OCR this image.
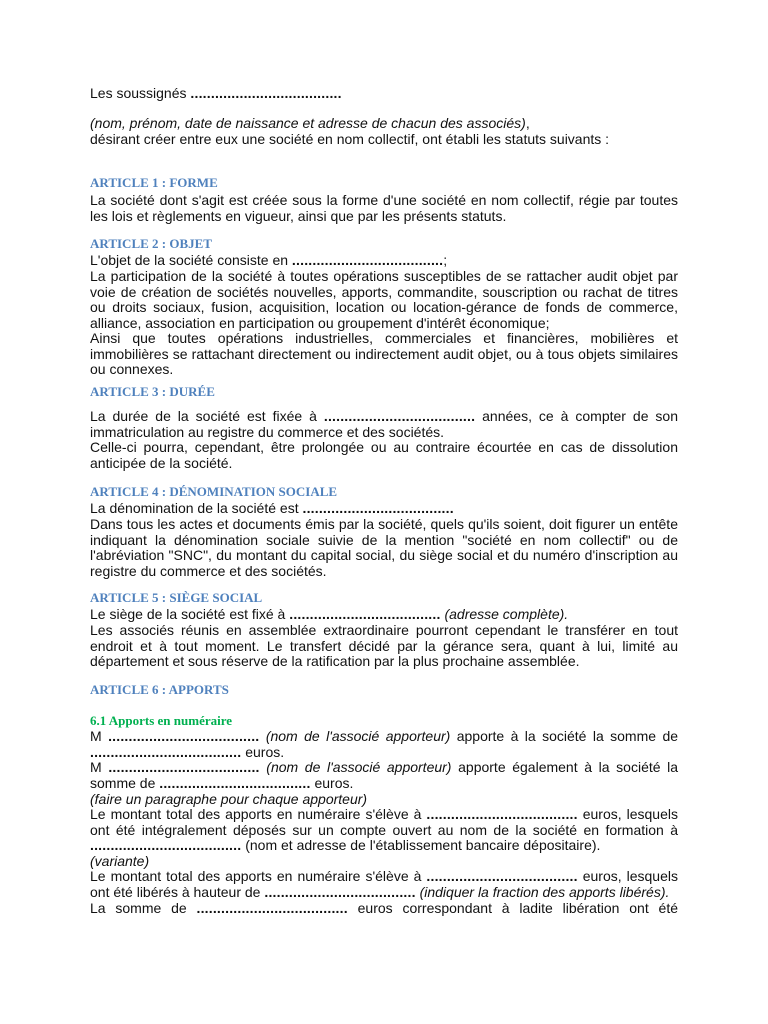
Les soussignés .....................................
(nom, prénom, date de naissance et adresse de chacun des associés),
désirant créer entre eux une société en nom collectif, ont établi les statuts suivants :
ARTICLE 1 : FORME
La société dont s'agit est créée sous la forme d'une société en nom collectif, régie par toutes les lois et règlements en vigueur, ainsi que par les présents statuts.
ARTICLE 2 : OBJET
L'objet de la société consiste en .....................................;
La participation de la société à toutes opérations susceptibles de se rattacher audit objet par voie de création de sociétés nouvelles, apports, commandite, souscription ou rachat de titres ou droits sociaux, fusion, acquisition, location ou location-gérance de fonds de commerce, alliance, association en participation ou groupement d'intérêt économique;
Ainsi que toutes opérations industrielles, commerciales et financières, mobilières et immobilières se rattachant directement ou indirectement audit objet, ou à tous objets similaires ou connexes.
ARTICLE 3 : DURÉE
La durée de la société est fixée à ..................................... années, ce à compter de son immatriculation au registre du commerce et des sociétés.
Celle-ci pourra, cependant, être prolongée ou au contraire écourtée en cas de dissolution anticipée de la société.
ARTICLE 4 : DÉNOMINATION SOCIALE
La dénomination de la société est .....................................
Dans tous les actes et documents émis par la société, quels qu'ils soient, doit figurer un entête indiquant la dénomination sociale suivie de la mention "société en nom collectif" ou de l'abréviation "SNC", du montant du capital social, du siège social et du numéro d'inscription au registre du commerce et des sociétés.
ARTICLE 5 : SIÈGE SOCIAL
Le siège de la société est fixé à ..................................... (adresse complète).
Les associés réunis en assemblée extraordinaire pourront cependant le transférer en tout endroit et à tout moment. Le transfert décidé par la gérance sera, quant à lui, limité au département et sous réserve de la ratification par la plus prochaine assemblée.
ARTICLE 6 : APPORTS
6.1 Apports en numéraire
M ..................................... (nom de l'associé apporteur) apporte à la société la somme de ..................................... euros.
M ..................................... (nom de l'associé apporteur) apporte également à la société la somme de ..................................... euros.
(faire un paragraphe pour chaque apporteur)
Le montant total des apports en numéraire s'élève à ..................................... euros, lesquels ont été intégralement déposés sur un compte ouvert au nom de la société en formation à ..................................... (nom et adresse de l'établissement bancaire dépositaire).
(variante)
Le montant total des apports en numéraire s'élève à ..................................... euros, lesquels ont été libérés à hauteur de ..................................... (indiquer la fraction des apports libérés).
La somme de ..................................... euros correspondant à ladite libération ont été
